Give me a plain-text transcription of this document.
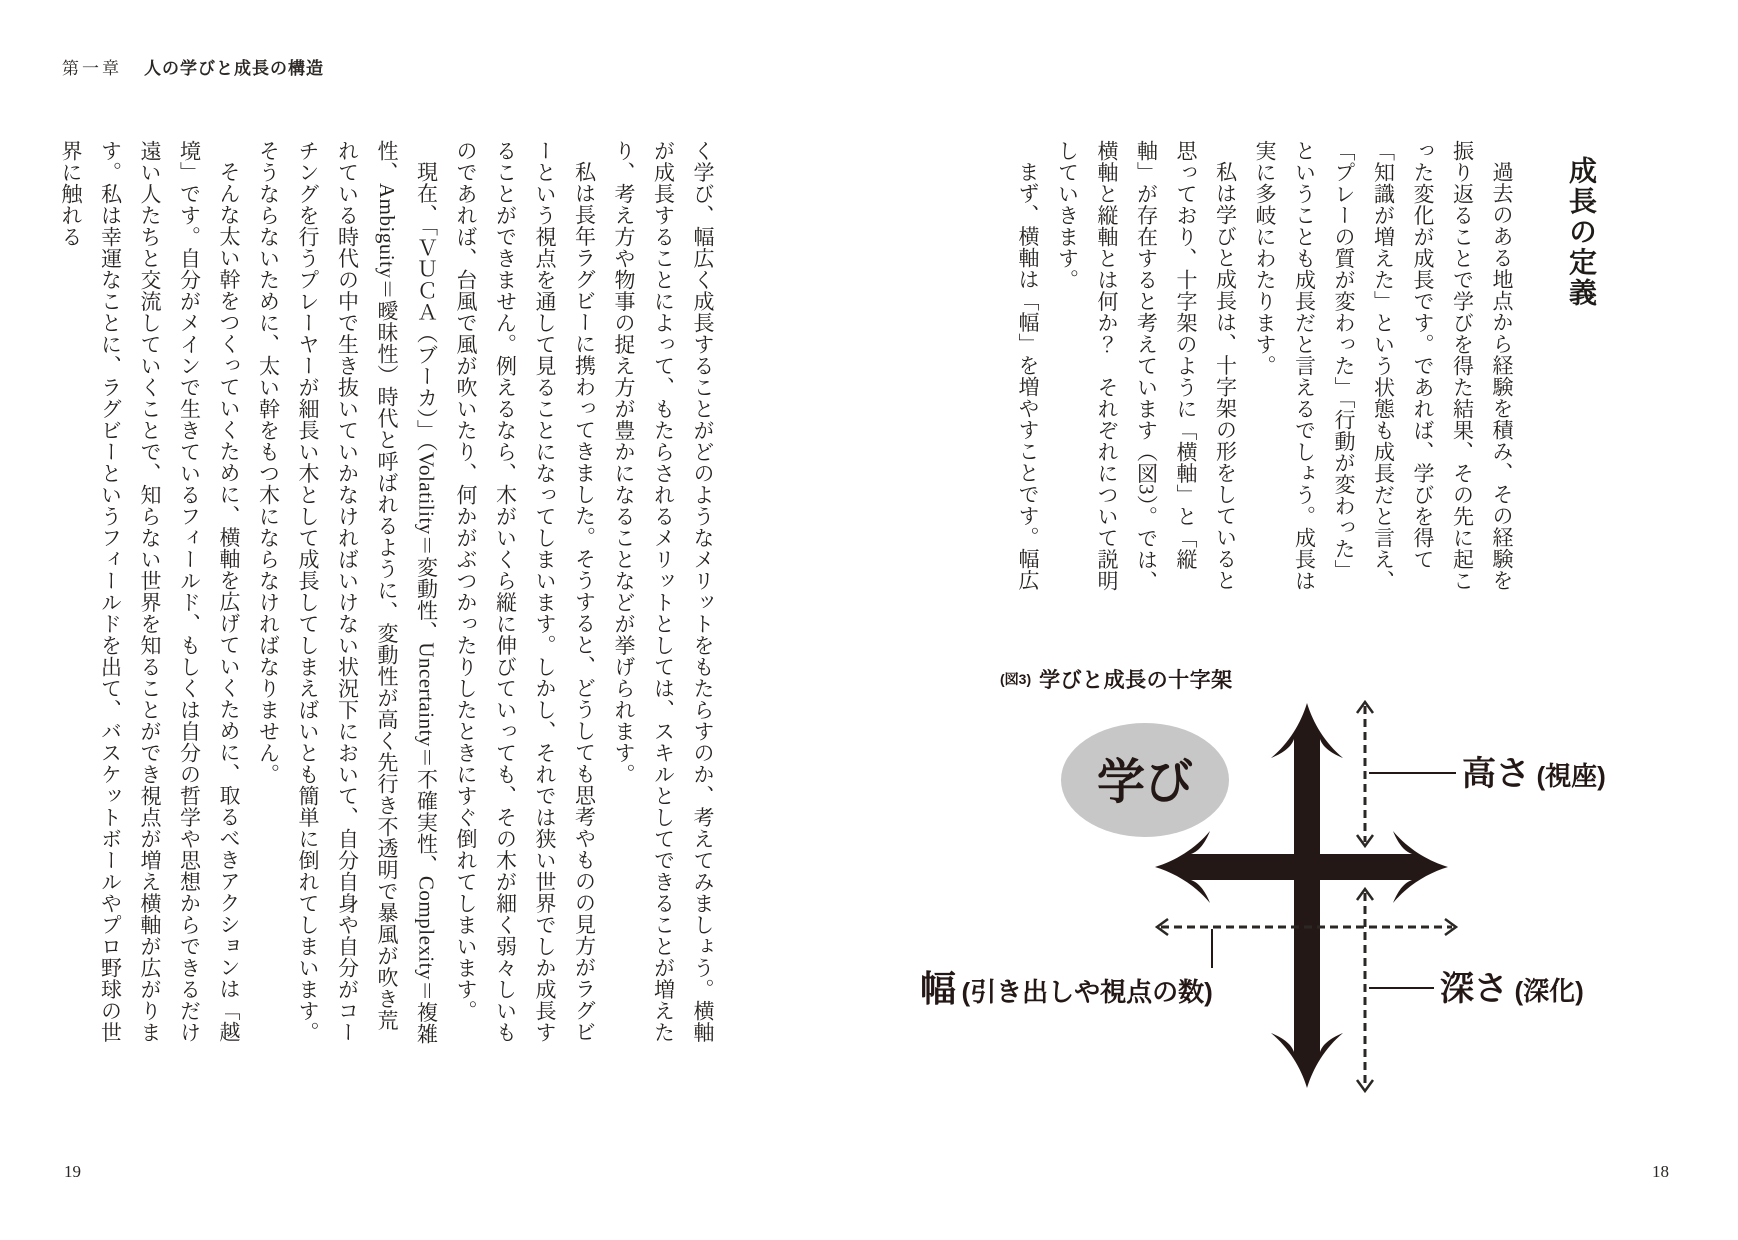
第一章 人の学びと成長の構造
成長の定義

過去のある地点から経験を積み、その経験を振り返ることで学びを得た結果、その先に起こった変化が成長です。であれば、学びを得て「知識が増えた」という状態も成長だと言え、「プレーの質が変わった」「行動が変わった」ということも成長だと言えるでしょう。成長は実に多岐にわたります。

私は学びと成長は、十字架の形をしていると思っており、十字架のように「横軸」と「縦軸」が存在すると考えています（図3）。では、横軸と縦軸とは何か？　それぞれについて説明していきます。

まず、横軸は「幅」を増やすことです。幅広

く学び、幅広く成長することがどのようなメリットをもたらすのか、考えてみましょう。横軸が成長することによって、もたらされるメリットとしては、スキルとしてできることが増えたり、考え方や物事の捉え方が豊かになることなどが挙げられます。

私は長年ラグビーに携わってきました。そうすると、どうしても思考やものの見方がラグビーという視点を通して見ることになってしまいます。しかし、それでは狭い世界でしか成長することができません。例えるなら、木がいくら縦に伸びていっても、その木が細く弱々しいものであれば、台風で風が吹いたり、何かがぶつかったりしたときにすぐ倒れてしまいます。

現在、「ＶＵＣＡ（ブーカ）」（Volatility＝変動性、Uncertainty＝不確実性、Complexity＝複雑性、Ambiguity＝曖昧性）時代と呼ばれるように、変動性が高く先行き不透明で暴風が吹き荒れている時代の中で生き抜いていかなければいけない状況下において、自分自身や自分がコーチングを行うプレーヤーが細長い木として成長してしまえばいとも簡単に倒れてしまいます。そうならないために、太い幹をもつ木にならなければなりません。

そんな太い幹をつくっていくために、横軸を広げていくために、取るべきアクションは「越境」です。自分がメインで生きているフィールド、もしくは自分の哲学や思想からできるだけ遠い人たちと交流していくことで、知らない世界を知ることができ視点が増え横軸が広がります。私は幸運なことに、ラグビーというフィールドを出て、バスケットボールやプロ野球の世界に触れる

(図3) 学びと成長の十字架
学び	高さ (視座)
幅 (引き出しや視点の数)	深さ (深化)
19	18
